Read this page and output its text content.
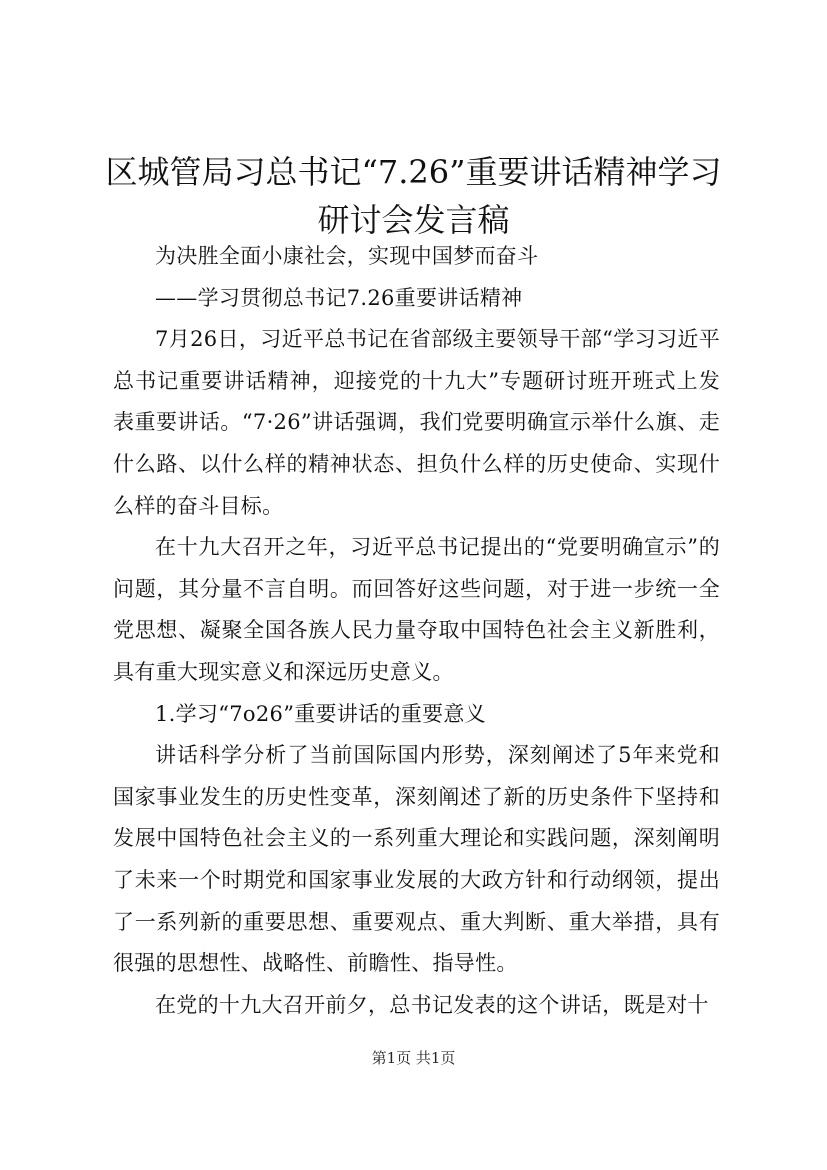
区城管局习总书记“7.26”重要讲话精神学习
研讨会发言稿

为决胜全面小康社会，实现中国梦而奋斗

——学习贯彻总书记7.26重要讲话精神

7月26日，习近平总书记在省部级主要领导干部“学习习近平总书记重要讲话精神，迎接党的十九大”专题研讨班开班式上发表重要讲话。“7·26”讲话强调，我们党要明确宣示举什么旗、走什么路、以什么样的精神状态、担负什么样的历史使命、实现什么样的奋斗目标。

在十九大召开之年，习近平总书记提出的“党要明确宣示”的问题，其分量不言自明。而回答好这些问题，对于进一步统一全党思想、凝聚全国各族人民力量夺取中国特色社会主义新胜利，具有重大现实意义和深远历史意义。

1.学习“7o26”重要讲话的重要意义

讲话科学分析了当前国际国内形势，深刻阐述了5年来党和国家事业发生的历史性变革，深刻阐述了新的历史条件下坚持和发展中国特色社会主义的一系列重大理论和实践问题，深刻阐明了未来一个时期党和国家事业发展的大政方针和行动纲领，提出了一系列新的重要思想、重要观点、重大判断、重大举措，具有很强的思想性、战略性、前瞻性、指导性。

在党的十九大召开前夕，总书记发表的这个讲话，既是对十

第1页 共1页
